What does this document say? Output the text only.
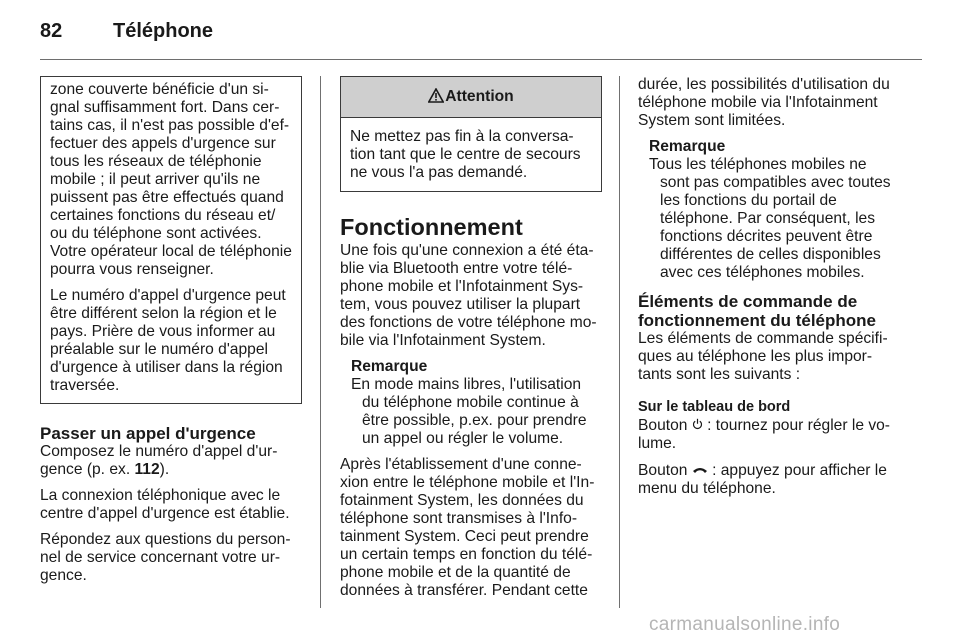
82	Téléphone

zone couverte bénéficie d'un signal suffisamment fort. Dans certains cas, il n'est pas possible d'effectuer des appels d'urgence sur tous les réseaux de téléphonie mobile ; il peut arriver qu'ils ne puissent pas être effectués quand certaines fonctions du réseau et/ ou du téléphone sont activées. Votre opérateur local de téléphonie pourra vous renseigner.

Le numéro d'appel d'urgence peut être différent selon la région et le pays. Prière de vous informer au préalable sur le numéro d'appel d'urgence à utiliser dans la région traversée.

Passer un appel d'urgence

Composez le numéro d'appel d'urgence (p. ex. 112).

La connexion téléphonique avec le centre d'appel d'urgence est établie.

Répondez aux questions du personnel de service concernant votre urgence.

Attention

Ne mettez pas fin à la conversation tant que le centre de secours ne vous l'a pas demandé.

Fonctionnement

Une fois qu'une connexion a été établie via Bluetooth entre votre téléphone mobile et l'Infotainment System, vous pouvez utiliser la plupart des fonctions de votre téléphone mobile via l'Infotainment System.

Remarque
En mode mains libres, l'utilisation du téléphone mobile continue à être possible, p.ex. pour prendre un appel ou régler le volume.

Après l'établissement d'une connexion entre le téléphone mobile et l'Infotainment System, les données du téléphone sont transmises à l'Infotainment System. Ceci peut prendre un certain temps en fonction du téléphone mobile et de la quantité de données à transférer. Pendant cette

durée, les possibilités d'utilisation du téléphone mobile via l'Infotainment System sont limitées.

Remarque
Tous les téléphones mobiles ne sont pas compatibles avec toutes les fonctions du portail de téléphone. Par conséquent, les fonctions décrites peuvent être différentes de celles disponibles avec ces téléphones mobiles.
Éléments de commande de fonctionnement du téléphone

Les éléments de commande spécifiques au téléphone les plus importants sont les suivants :

Sur le tableau de bord

Bouton  : tournez pour régler le volume.

Bouton  : appuyez pour afficher le menu du téléphone.

carmanualsonline.info
